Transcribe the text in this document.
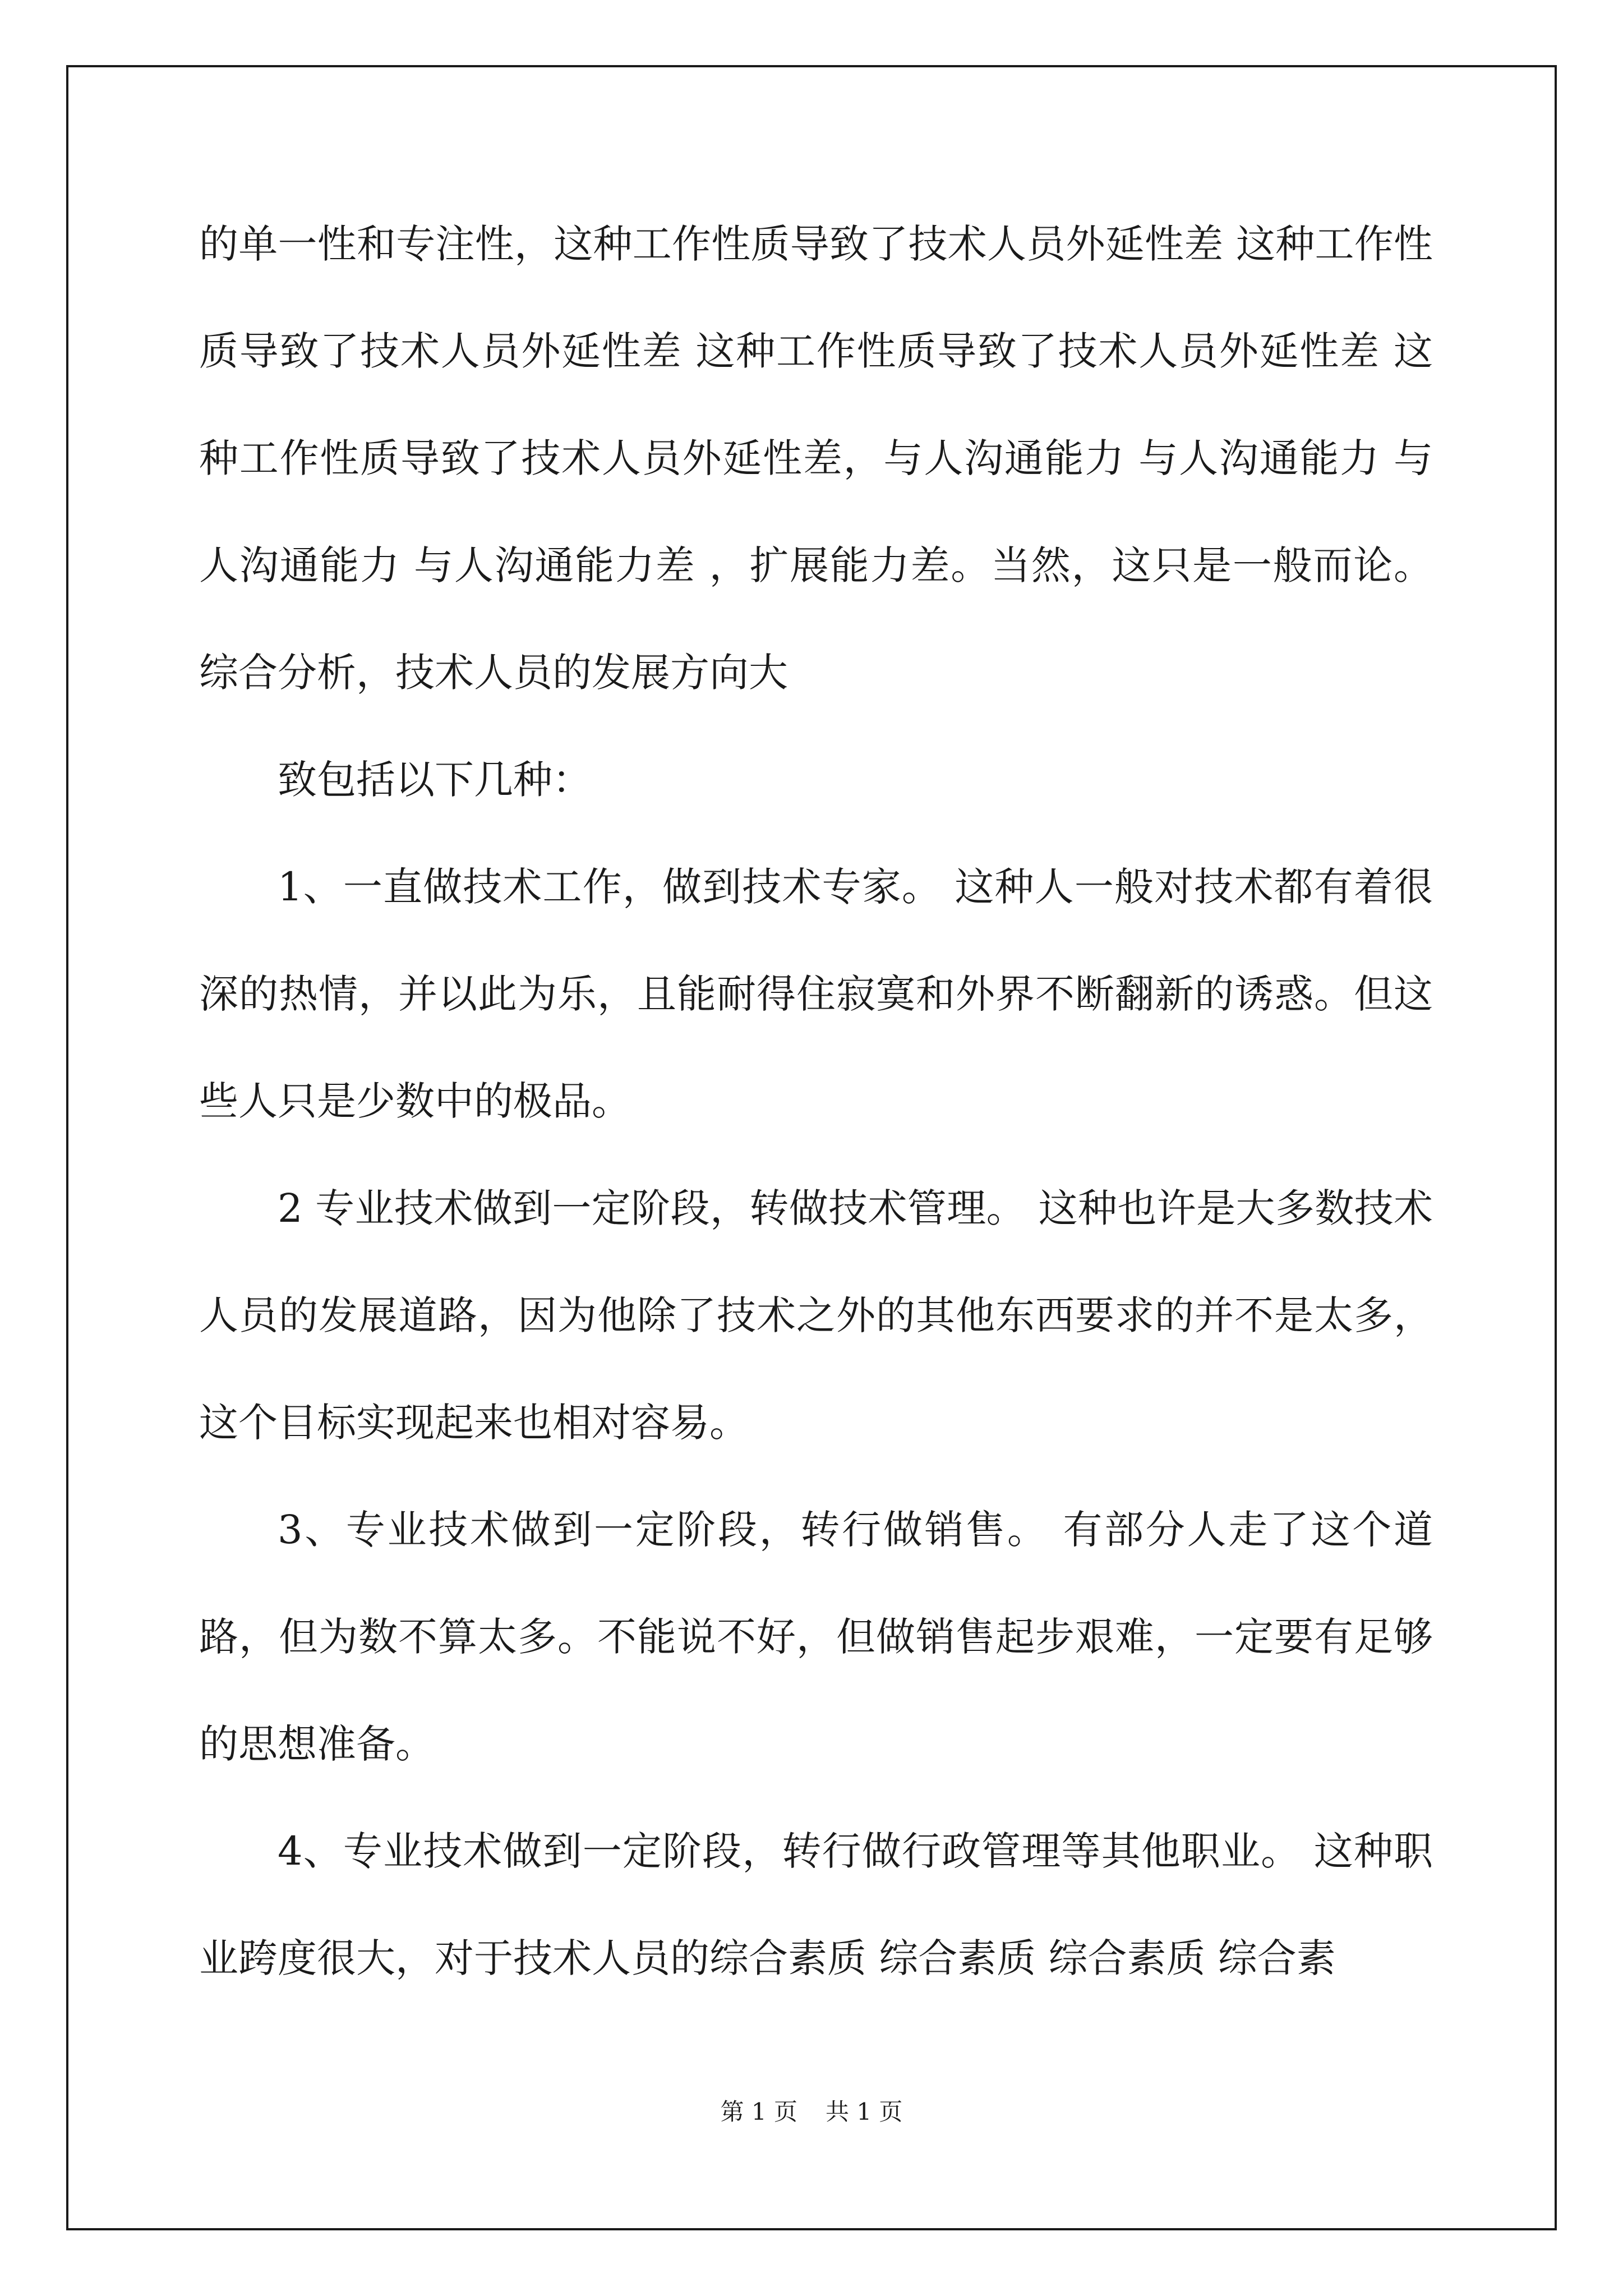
的单一性和专注性，这种工作性质导致了技术人员外延性差 这种工作性质导致了技术人员外延性差 这种工作性质导致了技术人员外延性差 这种工作性质导致了技术人员外延性差，与人沟通能力 与人沟通能力 与人沟通能力 与人沟通能力差 ，扩展能力差。当然，这只是一般而论。综合分析，技术人员的发展方向大

致包括以下几种：

1、一直做技术工作，做到技术专家。 这种人一般对技术都有着很深的热情，并以此为乐，且能耐得住寂寞和外界不断翻新的诱惑。但这些人只是少数中的极品。

2 专业技术做到一定阶段，转做技术管理。 这种也许是大多数技术人员的发展道路，因为他除了技术之外的其他东西要求的并不是太多，这个目标实现起来也相对容易。

3、专业技术做到一定阶段，转行做销售。 有部分人走了这个道路，但为数不算太多。不能说不好，但做销售起步艰难，一定要有足够的思想准备。

4、专业技术做到一定阶段，转行做行政管理等其他职业。 这种职业跨度很大，对于技术人员的综合素质 综合素质 综合素质 综合素

第 1 页 共 1 页
